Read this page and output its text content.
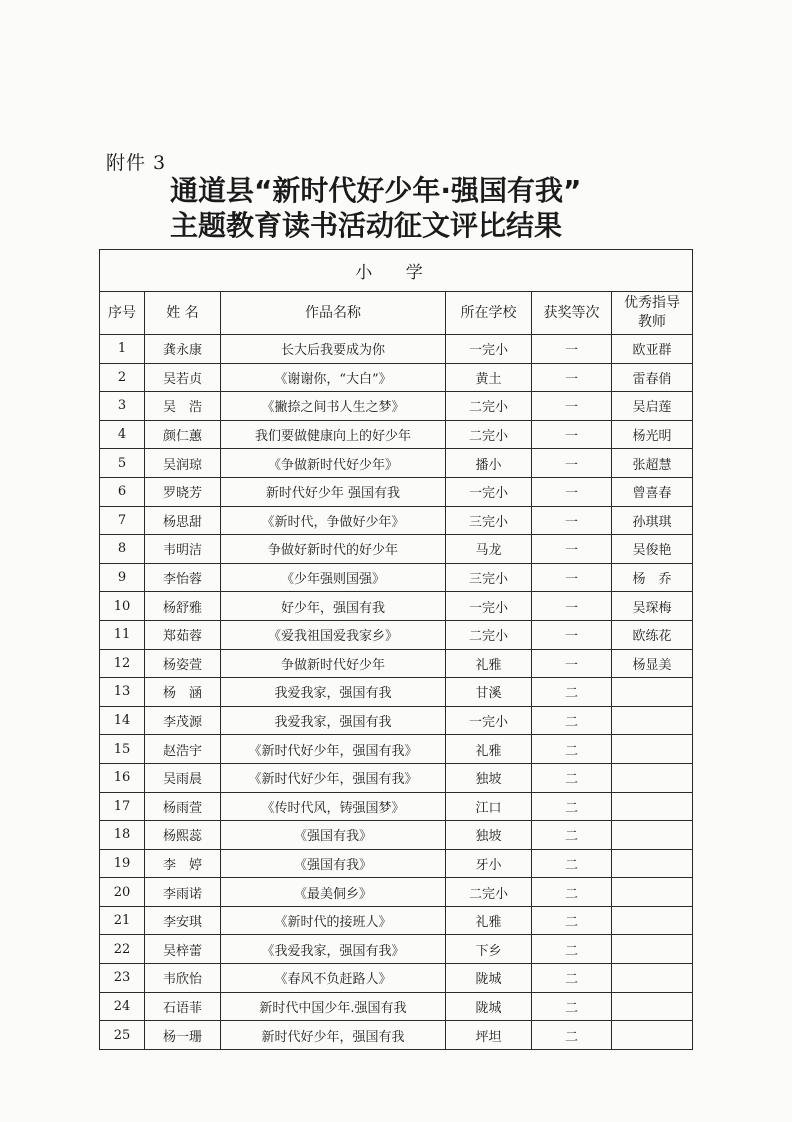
附件 3
通道县“新时代好少年·强国有我”
主题教育读书活动征文评比结果
小 学					
序号	姓 名	作品名称	所在学校	获奖等次	优秀指导
教师
1	龚永康	长大后我要成为你	一完小	一	欧亚群
2	吴若贞	《谢谢你，“大白”》	黄土	一	雷春俏
3	吴　浩	《撇捺之间书人生之梦》	二完小	一	吴启莲
4	颜仁蕙	我们要做健康向上的好少年	二完小	一	杨光明
5	吴润琼	《争做新时代好少年》	播小	一	张超慧
6	罗晓芳	新时代好少年 强国有我	一完小	一	曾喜春
7	杨思甜	《新时代，争做好少年》	三完小	一	孙琪琪
8	韦明洁	争做好新时代的好少年	马龙	一	吴俊艳
9	李怡蓉	《少年强则国强》	三完小	一	杨　乔
10	杨舒雅	好少年，强国有我	一完小	一	吴琛梅
11	郑茹蓉	《爱我祖国爱我家乡》	二完小	一	欧练花
12	杨姿萱	争做新时代好少年	礼雅	一	杨显美
13	杨　涵	我爱我家，强国有我	甘溪	二	
14	李茂源	我爱我家，强国有我	一完小	二	
15	赵浩宇	《新时代好少年，强国有我》	礼雅	二	
16	吴雨晨	《新时代好少年，强国有我》	独坡	二	
17	杨雨萱	《传时代风，铸强国梦》	江口	二	
18	杨熙蕊	《强国有我》	独坡	二	
19	李　婷	《强国有我》	牙小	二	
20	李雨诺	《最美侗乡》	二完小	二	
21	李安琪	《新时代的接班人》	礼雅	二	
22	吴梓蕾	《我爱我家，强国有我》	下乡	二	
23	韦欣怡	《春风不负赶路人》	陇城	二	
24	石语菲	新时代中国少年.强国有我	陇城	二	
25	杨一珊	新时代好少年，强国有我	坪坦	二	
